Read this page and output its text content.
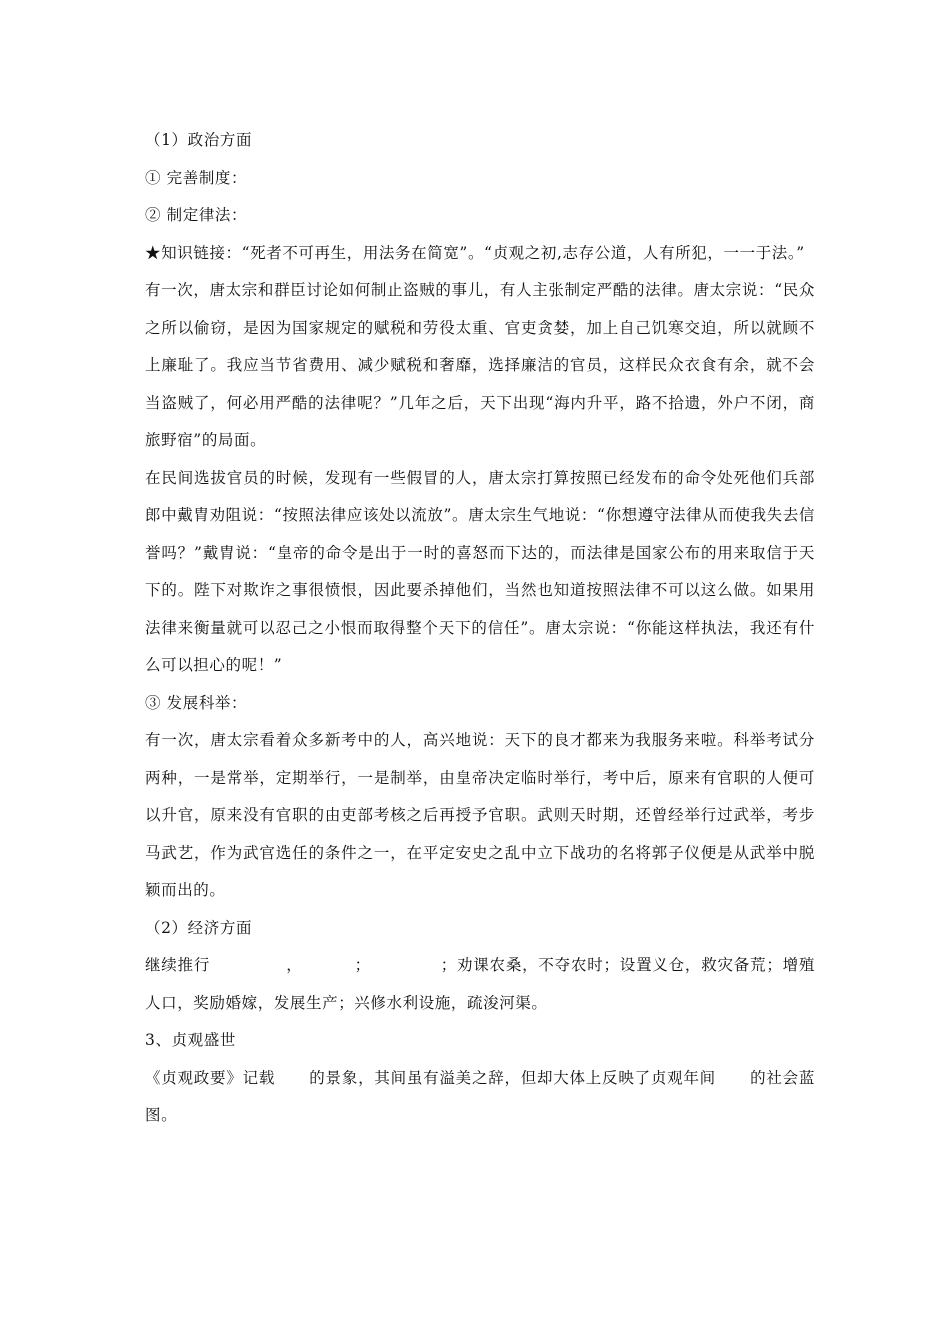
（1）政治方面

① 完善制度：

② 制定律法：

★知识链接：“死者不可再生，用法务在简宽”。“贞观之初,志存公道，人有所犯，一一于法。”

有一次，唐太宗和群臣讨论如何制止盗贼的事儿，有人主张制定严酷的法律。唐太宗说：“民众之所以偷窃，是因为国家规定的赋税和劳役太重、官吏贪婪，加上自己饥寒交迫，所以就顾不上廉耻了。我应当节省费用、减少赋税和奢靡，选择廉洁的官员，这样民众衣食有余，就不会当盗贼了，何必用严酷的法律呢？”几年之后，天下出现“海内升平，路不拾遗，外户不闭，商旅野宿”的局面。

在民间选拔官员的时候，发现有一些假冒的人，唐太宗打算按照已经发布的命令处死他们兵部郎中戴胄劝阻说：“按照法律应该处以流放”。唐太宗生气地说：“你想遵守法律从而使我失去信誉吗？”戴胄说：“皇帝的命令是出于一时的喜怒而下达的，而法律是国家公布的用来取信于天下的。陛下对欺诈之事很愤恨，因此要杀掉他们，当然也知道按照法律不可以这么做。如果用法律来衡量就可以忍己之小恨而取得整个天下的信任”。唐太宗说：“你能这样执法，我还有什么可以担心的呢！”

③ 发展科举：

有一次，唐太宗看着众多新考中的人，高兴地说：天下的良才都来为我服务来啦。科举考试分两种，一是常举，定期举行，一是制举，由皇帝决定临时举行，考中后，原来有官职的人便可以升官，原来没有官职的由吏部考核之后再授予官职。武则天时期，还曾经举行过武举，考步马武艺，作为武官选任的条件之一，在平定安史之乱中立下战功的名将郭子仪便是从武举中脱颖而出的。

（2）经济方面

继续推行	，	；	；劝课农桑，不夺农时；设置义仓，救灾备荒；增殖人口，奖励婚嫁，发展生产；兴修水利设施，疏浚河渠。

3、贞观盛世

《贞观政要》记载 的景象，其间虽有溢美之辞，但却大体上反映了贞观年间 的社会蓝图。
